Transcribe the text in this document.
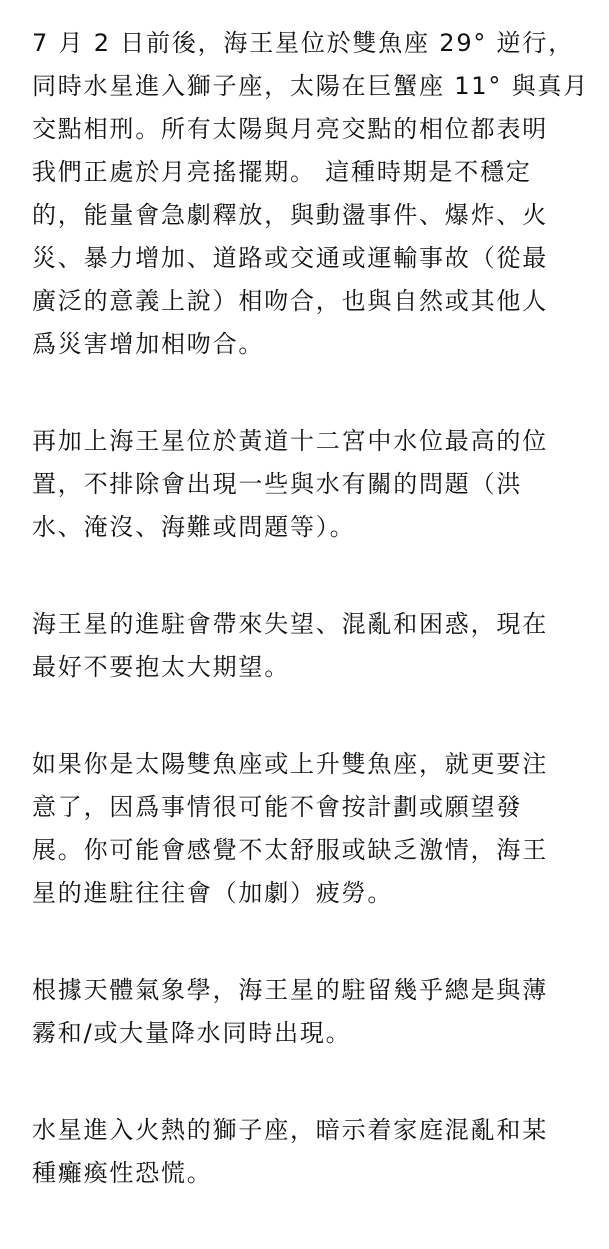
7 月 2 日前後，海王星位於雙魚座 29° 逆行，
同時水星進入獅子座，太陽在巨蟹座 11° 與真月
交點相刑。所有太陽與月亮交點的相位都表明
我們正處於月亮搖擺期。 這種時期是不穩定
的，能量會急劇釋放，與動盪事件、爆炸、火
災、暴力增加、道路或交通或運輸事故（從最
廣泛的意義上說）相吻合，也與自然或其他人
爲災害增加相吻合。
再加上海王星位於黃道十二宮中水位最高的位
置，不排除會出現一些與水有關的問題（洪
水、淹沒、海難或問題等）。
海王星的進駐會帶來失望、混亂和困惑，現在
最好不要抱太大期望。
如果你是太陽雙魚座或上升雙魚座，就更要注
意了，因爲事情很可能不會按計劃或願望發
展。你可能會感覺不太舒服或缺乏激情，海王
星的進駐往往會（加劇）疲勞。
根據天體氣象學，海王星的駐留幾乎總是與薄
霧和/或大量降水同時出現。
水星進入火熱的獅子座，暗示着家庭混亂和某
種癱瘓性恐慌。
